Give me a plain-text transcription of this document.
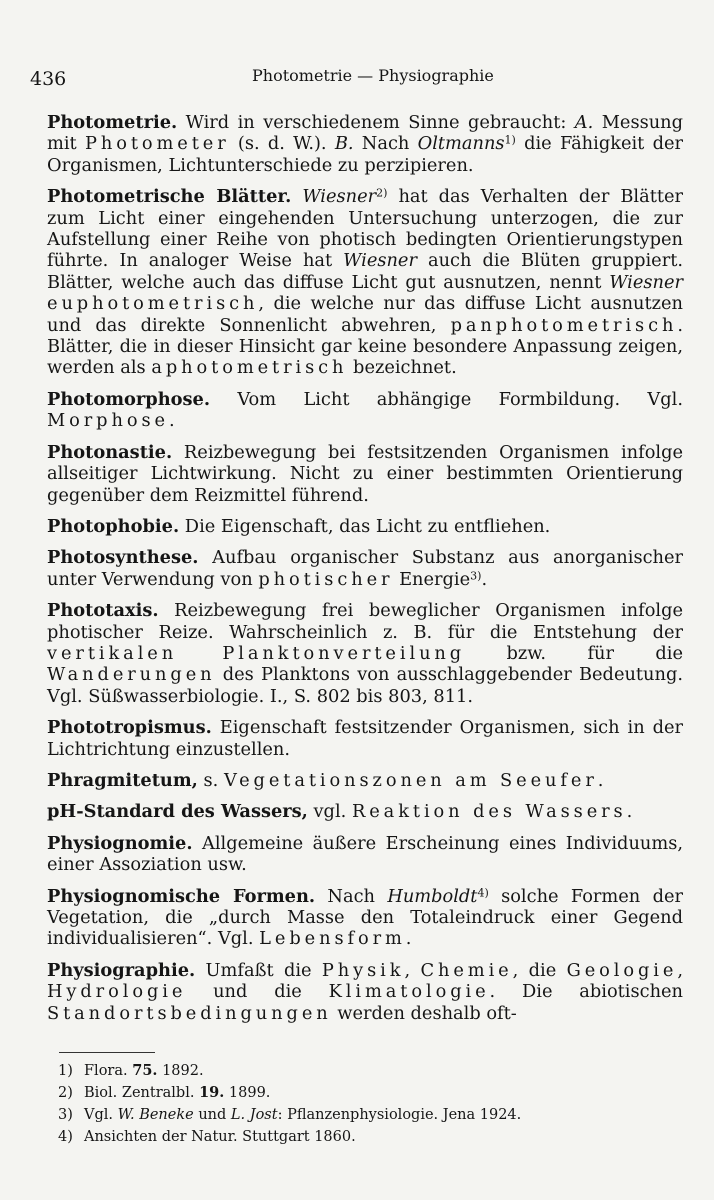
436	Photometrie — Physiographie

Photometrie. Wird in verschiedenem Sinne gebraucht: A. Messung mit Photometer (s. d. W.). B. Nach Oltmanns$^{1)}$ die Fähigkeit der Organismen, Lichtunterschiede zu perzipieren.

Photometrische Blätter. Wiesner$^{2)}$ hat das Verhalten der Blätter zum Licht einer eingehenden Untersuchung unterzogen, die zur Aufstellung einer Reihe von photisch bedingten Orientierungstypen führte. In analoger Weise hat Wiesner auch die Blüten gruppiert. Blätter, welche auch das diffuse Licht gut ausnutzen, nennt Wiesner euphotometrisch, die welche nur das diffuse Licht ausnutzen und das direkte Sonnenlicht abwehren, panphotometrisch. Blätter, die in dieser Hinsicht gar keine besondere Anpassung zeigen, werden als aphotometrisch bezeichnet.

Photomorphose. Vom Licht abhängige Formbildung. Vgl. Morphose.

Photonastie. Reizbewegung bei festsitzenden Organismen infolge allseitiger Lichtwirkung. Nicht zu einer bestimmten Orientierung gegenüber dem Reizmittel führend.

Photophobie. Die Eigenschaft, das Licht zu entfliehen.

Photosynthese. Aufbau organischer Substanz aus anorganischer unter Verwendung von photischer Energie$^{3)}$.

Phototaxis. Reizbewegung frei beweglicher Organismen infolge photischer Reize. Wahrscheinlich z. B. für die Entstehung der vertikalen Planktonverteilung bzw. für die Wanderungen des Planktons von ausschlaggebender Bedeutung. Vgl. Süßwasserbiologie. I., S. 802 bis 803, 811.

Phototropismus. Eigenschaft festsitzender Organismen, sich in der Lichtrichtung einzustellen.

Phragmitetum, s. Vegetationszonen am Seeufer.

pH-Standard des Wassers, vgl. Reaktion des Wassers.

Physiognomie. Allgemeine äußere Erscheinung eines Individuums, einer Assoziation usw.

Physiognomische Formen. Nach Humboldt$^{4)}$ solche Formen der Vegetation, die „durch Masse den Totaleindruck einer Gegend individualisieren“. Vgl. Lebensform.

Physiographie. Umfaßt die Physik, Chemie, die Geologie, Hydrologie und die Klimatologie. Die abiotischen Standortsbedingungen werden deshalb oft-

1) Flora. 75. 1892.
2) Biol. Zentralbl. 19. 1899.
3) Vgl. W. Beneke und L. Jost: Pflanzenphysiologie. Jena 1924.
4) Ansichten der Natur. Stuttgart 1860.
